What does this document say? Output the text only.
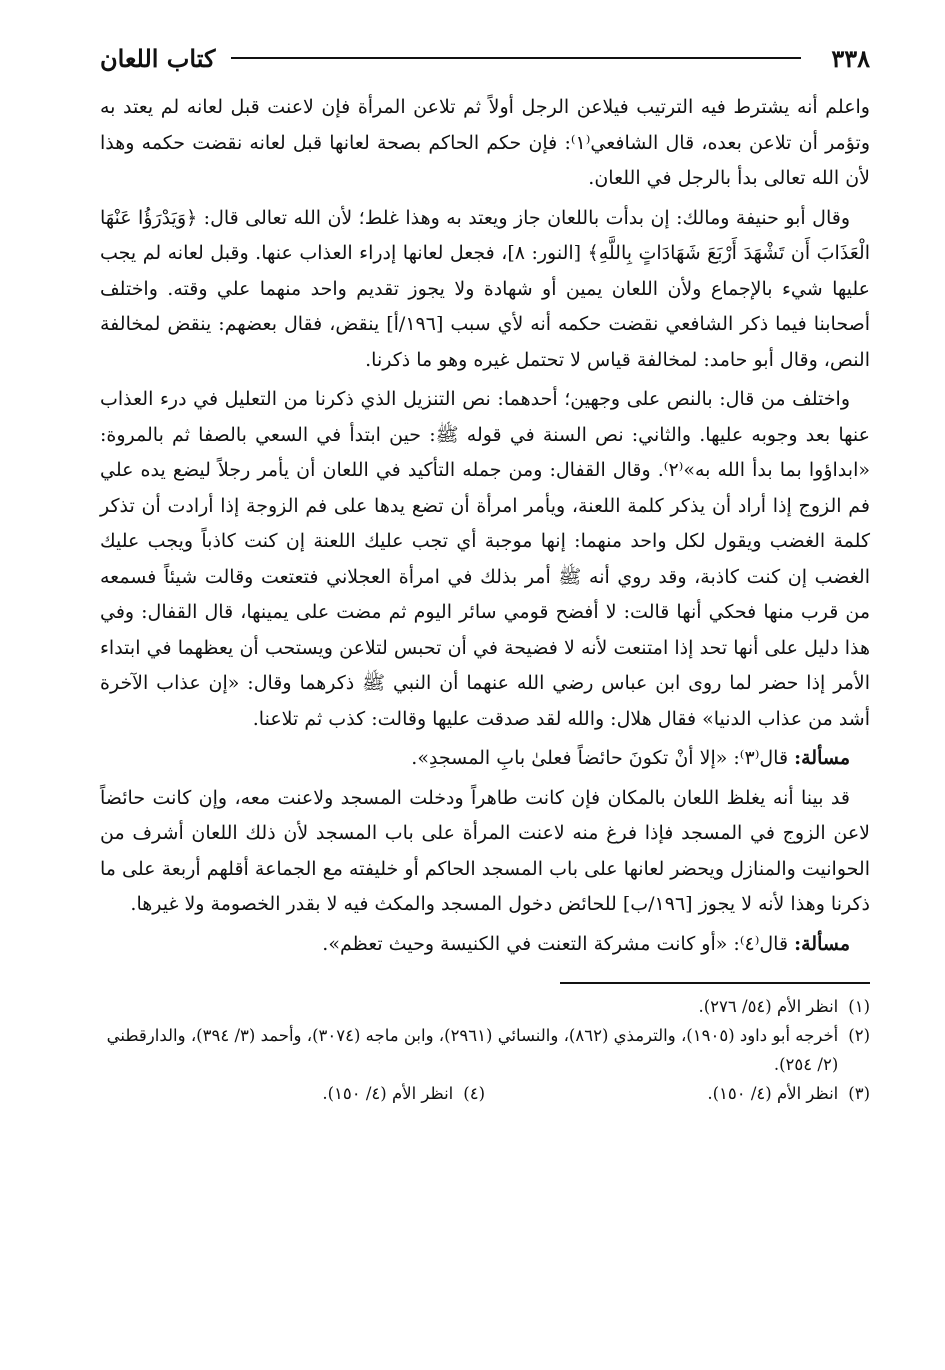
٣٣٨
كتاب اللعان

واعلم أنه يشترط فيه الترتيب فيلاعن الرجل أولاً ثم تلاعن المرأة فإن لاعنت قبل لعانه لم يعتد به وتؤمر أن تلاعن بعده، قال الشافعي⁽١⁾: فإن حكم الحاكم بصحة لعانها قبل لعانه نقضت حكمه وهذا لأن الله تعالى بدأ بالرجل في اللعان.

وقال أبو حنيفة ومالك: إن بدأت باللعان جاز ويعتد به وهذا غلط؛ لأن الله تعالى قال: ﴿وَيَدْرَؤُا عَنْهَا الْعَذَابَ أَن تَشْهَدَ أَرْبَعَ شَهَادَاتٍ بِاللَّهِ﴾ [النور: ٨]، فجعل لعانها إدراء العذاب عنها. وقبل لعانه لم يجب عليها شيء بالإجماع ولأن اللعان يمين أو شهادة ولا يجوز تقديم واحد منهما علي وقته. واختلف أصحابنا فيما ذكر الشافعي نقضت حكمه أنه لأي سبب [١٩٦/أ] ينقض، فقال بعضهم: ينقض لمخالفة النص، وقال أبو حامد: لمخالفة قياس لا تحتمل غيره وهو ما ذكرنا.

واختلف من قال: بالنص على وجهين؛ أحدهما: نص التنزيل الذي ذكرنا من التعليل في درء العذاب عنها بعد وجوبه عليها. والثاني: نص السنة في قوله ﷺ: حين ابتدأ في السعي بالصفا ثم بالمروة: «ابداؤوا بما بدأ الله به»⁽٢⁾. وقال القفال: ومن جمله التأكيد في اللعان أن يأمر رجلاً ليضع يده علي فم الزوج إذا أراد أن يذكر كلمة اللعنة، ويأمر امرأة أن تضع يدها على فم الزوجة إذا أرادت أن تذكر كلمة الغضب ويقول لكل واحد منهما: إنها موجبة أي تجب عليك اللعنة إن كنت كاذباً ويجب عليك الغضب إن كنت كاذبة، وقد روي أنه ﷺ أمر بذلك في امرأة العجلاني فتعتعت وقالت شيئاً فسمعه من قرب منها فحكي أنها قالت: لا أفضح قومي سائر اليوم ثم مضت على يمينها، قال القفال: وفي هذا دليل على أنها تحد إذا امتنعت لأنه لا فضيحة في أن تحبس لتلاعن ويستحب أن يعظهما في ابتداء الأمر إذا حضر لما روى ابن عباس رضي الله عنهما أن النبي ﷺ ذكرهما وقال: «إن عذاب الآخرة أشد من عذاب الدنيا» فقال هلال: والله لقد صدقت عليها وقالت: كذب ثم تلاعنا.

مسألة: قال⁽٣⁾: «إلا أنْ تكونَ حائضاً فعلىٰ بابِ المسجدِ».

قد بينا أنه يغلظ اللعان بالمكان فإن كانت طاهراً ودخلت المسجد ولاعنت معه، وإن كانت حائضاً لاعن الزوج في المسجد فإذا فرغ منه لاعنت المرأة على باب المسجد لأن ذلك اللعان أشرف من الحوانيت والمنازل ويحضر لعانها على باب المسجد الحاكم أو خليفته مع الجماعة أقلهم أربعة على ما ذكرنا وهذا لأنه لا يجوز [١٩٦/ب] للحائض دخول المسجد والمكث فيه لا بقدر الخصومة ولا غيرها.

مسألة: قال⁽٤⁾: «أو كانت مشركة التعنت في الكنيسة وحيث تعظم».

(١)
انظر الأم (٥٤/ ٢٧٦).
(٢)
أخرجه أبو داود (١٩٠٥)، والترمذي (٨٦٢)، والنسائي (٢٩٦١)، وابن ماجه (٣٠٧٤)، وأحمد (٣/ ٣٩٤)، والدارقطني (٢/ ٢٥٤).
(٣)
انظر الأم (٤/ ١٥٠).
(٤)
انظر الأم (٤/ ١٥٠).
